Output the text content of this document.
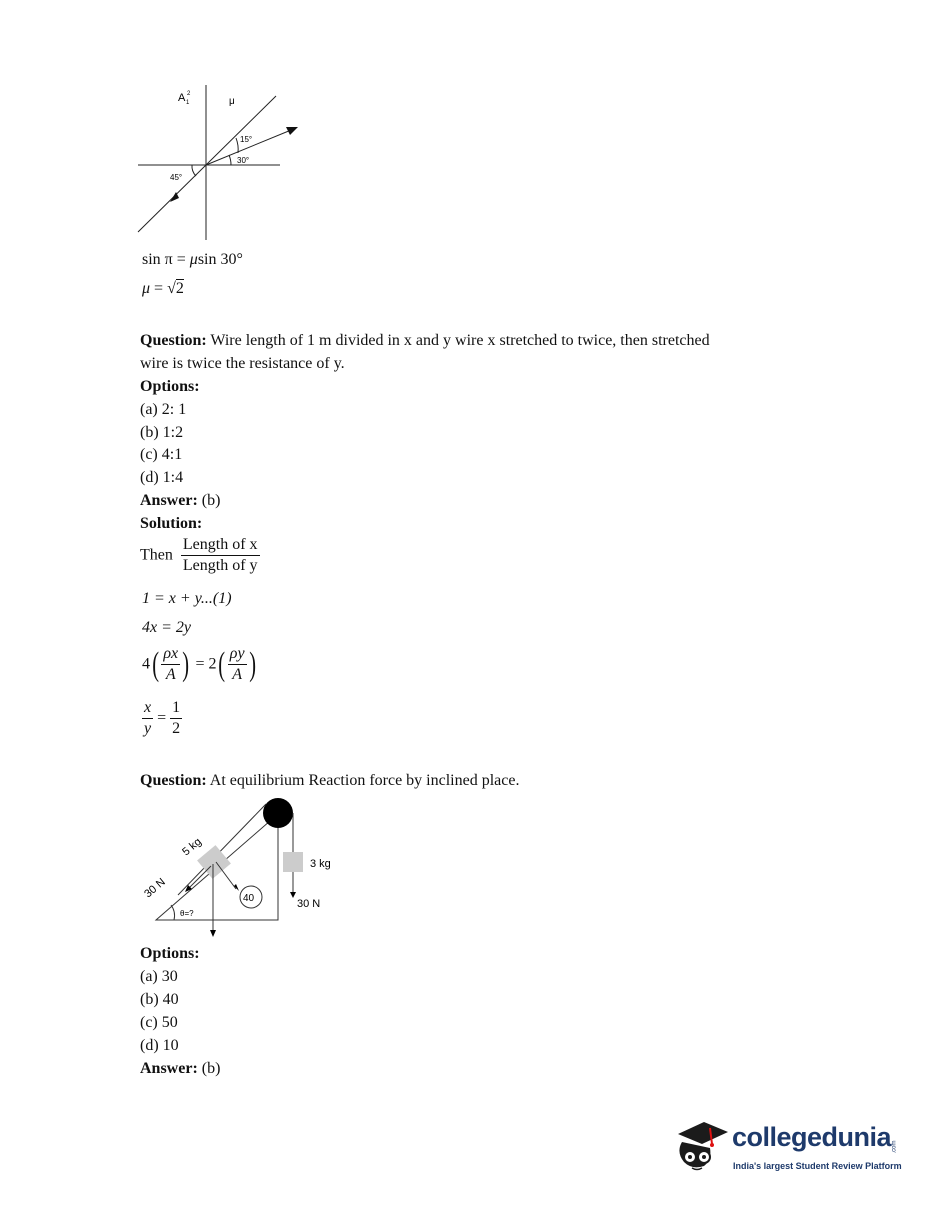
A 1
2
μ
15°
30°
45°
sin π = μsin 30°
μ = √2
Question: Wire length of 1 m divided in x and y wire x stretched to twice, then stretched
wire is twice the resistance of y.
Options:
(a) 2: 1
(b) 1:2
(c) 4:1
(d) 1:4
Answer: (b)
Solution:
Then $\frac{\text{Length of x}}{\text{Length of y}}$
1 = x + y...(1)
4x = 2y
$4( \frac{\rho x}{A}$ ) = $2( \frac{\rho y}{A}$ )
$\frac{x}{y} = \frac{1}{2}$
Question: At equilibrium Reaction force by inclined place.
40
θ=?
5 kg
3 kg
30 N
30 N
Options:
(a) 30
(b) 40
(c) 50
(d) 10
Answer: (b)
collegedunia .com
India's largest Student Review Platform
